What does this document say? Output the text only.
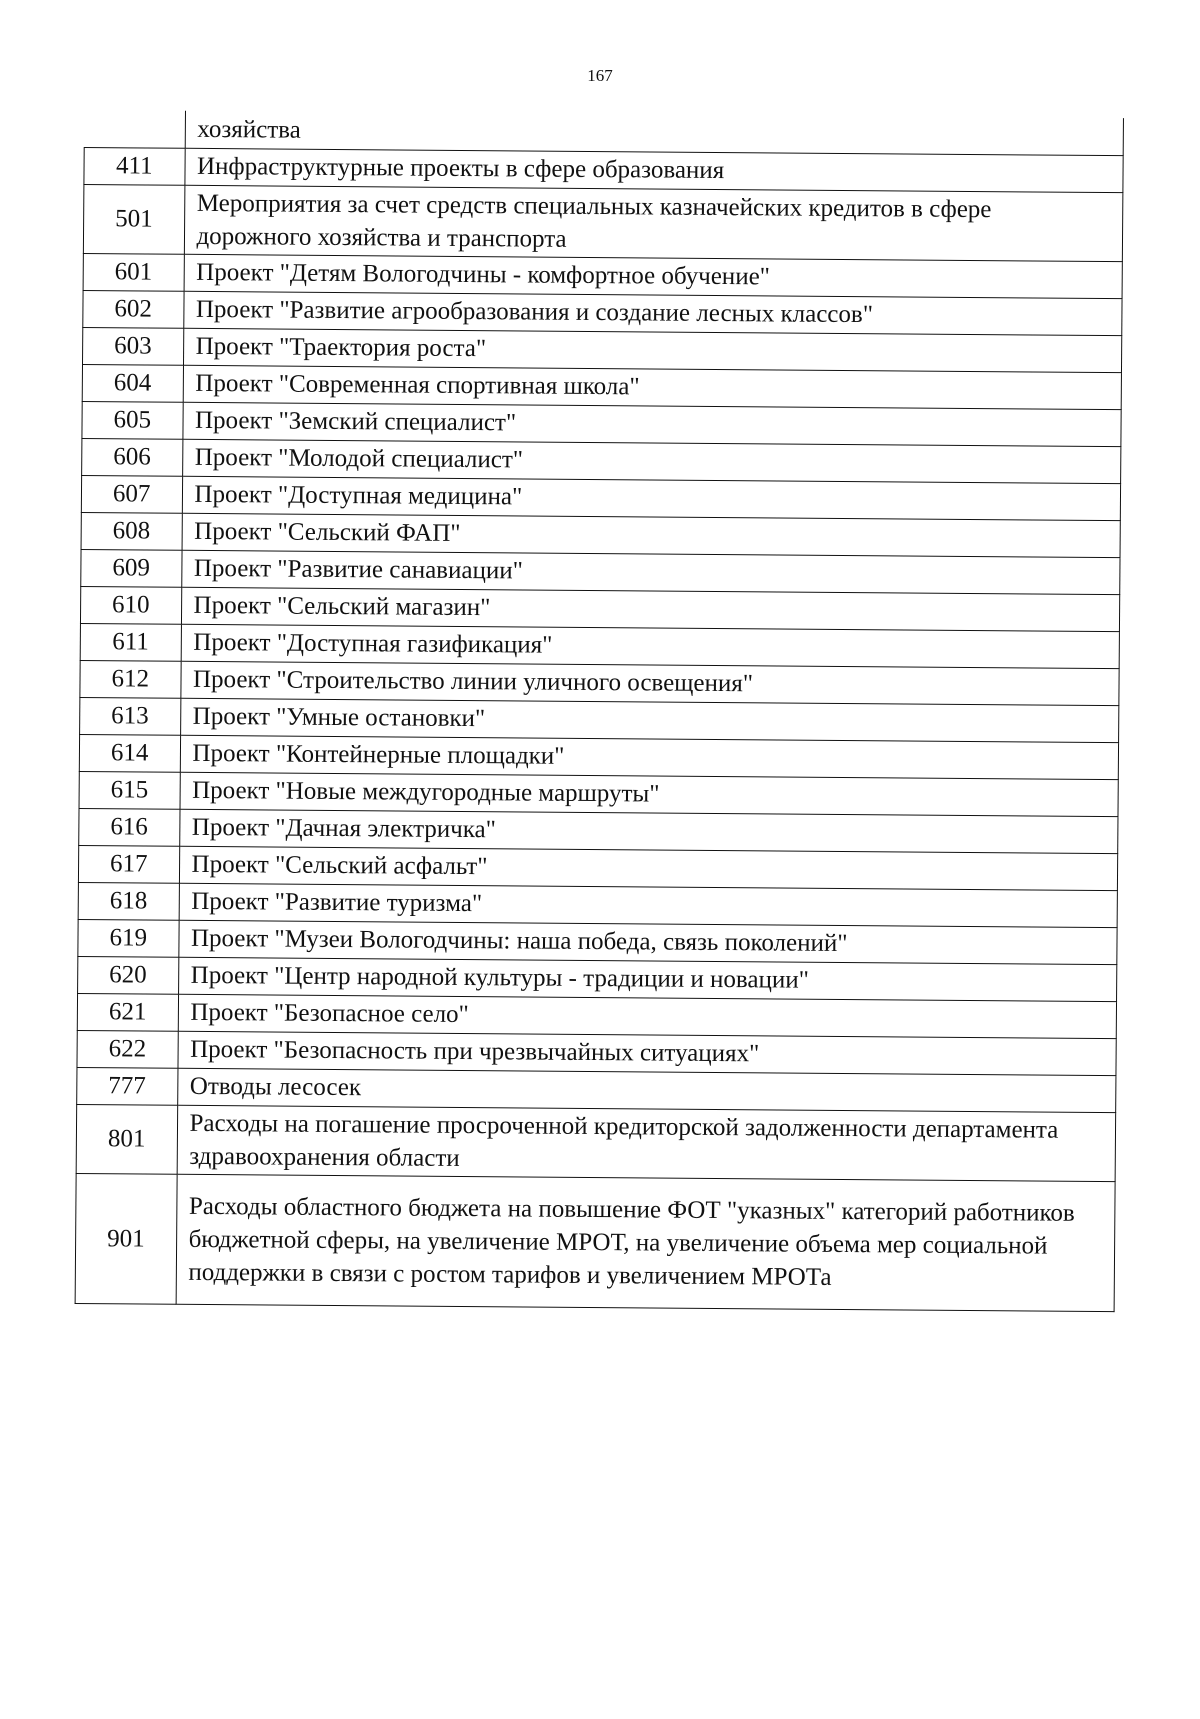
167
	хозяйства
411	Инфраструктурные проекты в сфере образования
501	Мероприятия за счет средств специальных казначейских кредитов в сфере дорожного хозяйства и транспорта
601	Проект "Детям Вологодчины - комфортное обучение"
602	Проект "Развитие агрообразования и создание лесных классов"
603	Проект "Траектория роста"
604	Проект "Современная спортивная школа"
605	Проект "Земский специалист"
606	Проект "Молодой специалист"
607	Проект "Доступная медицина"
608	Проект "Сельский ФАП"
609	Проект "Развитие санавиации"
610	Проект "Сельский магазин"
611	Проект "Доступная газификация"
612	Проект "Строительство линии уличного освещения"
613	Проект "Умные остановки"
614	Проект "Контейнерные площадки"
615	Проект "Новые междугородные маршруты"
616	Проект "Дачная электричка"
617	Проект "Сельский асфальт"
618	Проект "Развитие туризма"
619	Проект "Музеи Вологодчины: наша победа, связь поколений"
620	Проект "Центр народной культуры - традиции и новации"
621	Проект "Безопасное село"
622	Проект "Безопасность при чрезвычайных ситуациях"
777	Отводы лесосек
801	Расходы на погашение просроченной кредиторской задолженности департамента здравоохранения области
901	Расходы областного бюджета на повышение ФОТ "указных" категорий работников бюджетной сферы, на увеличение МРОТ, на увеличение объема мер социальной поддержки в связи с ростом тарифов и увеличением МРОТа
